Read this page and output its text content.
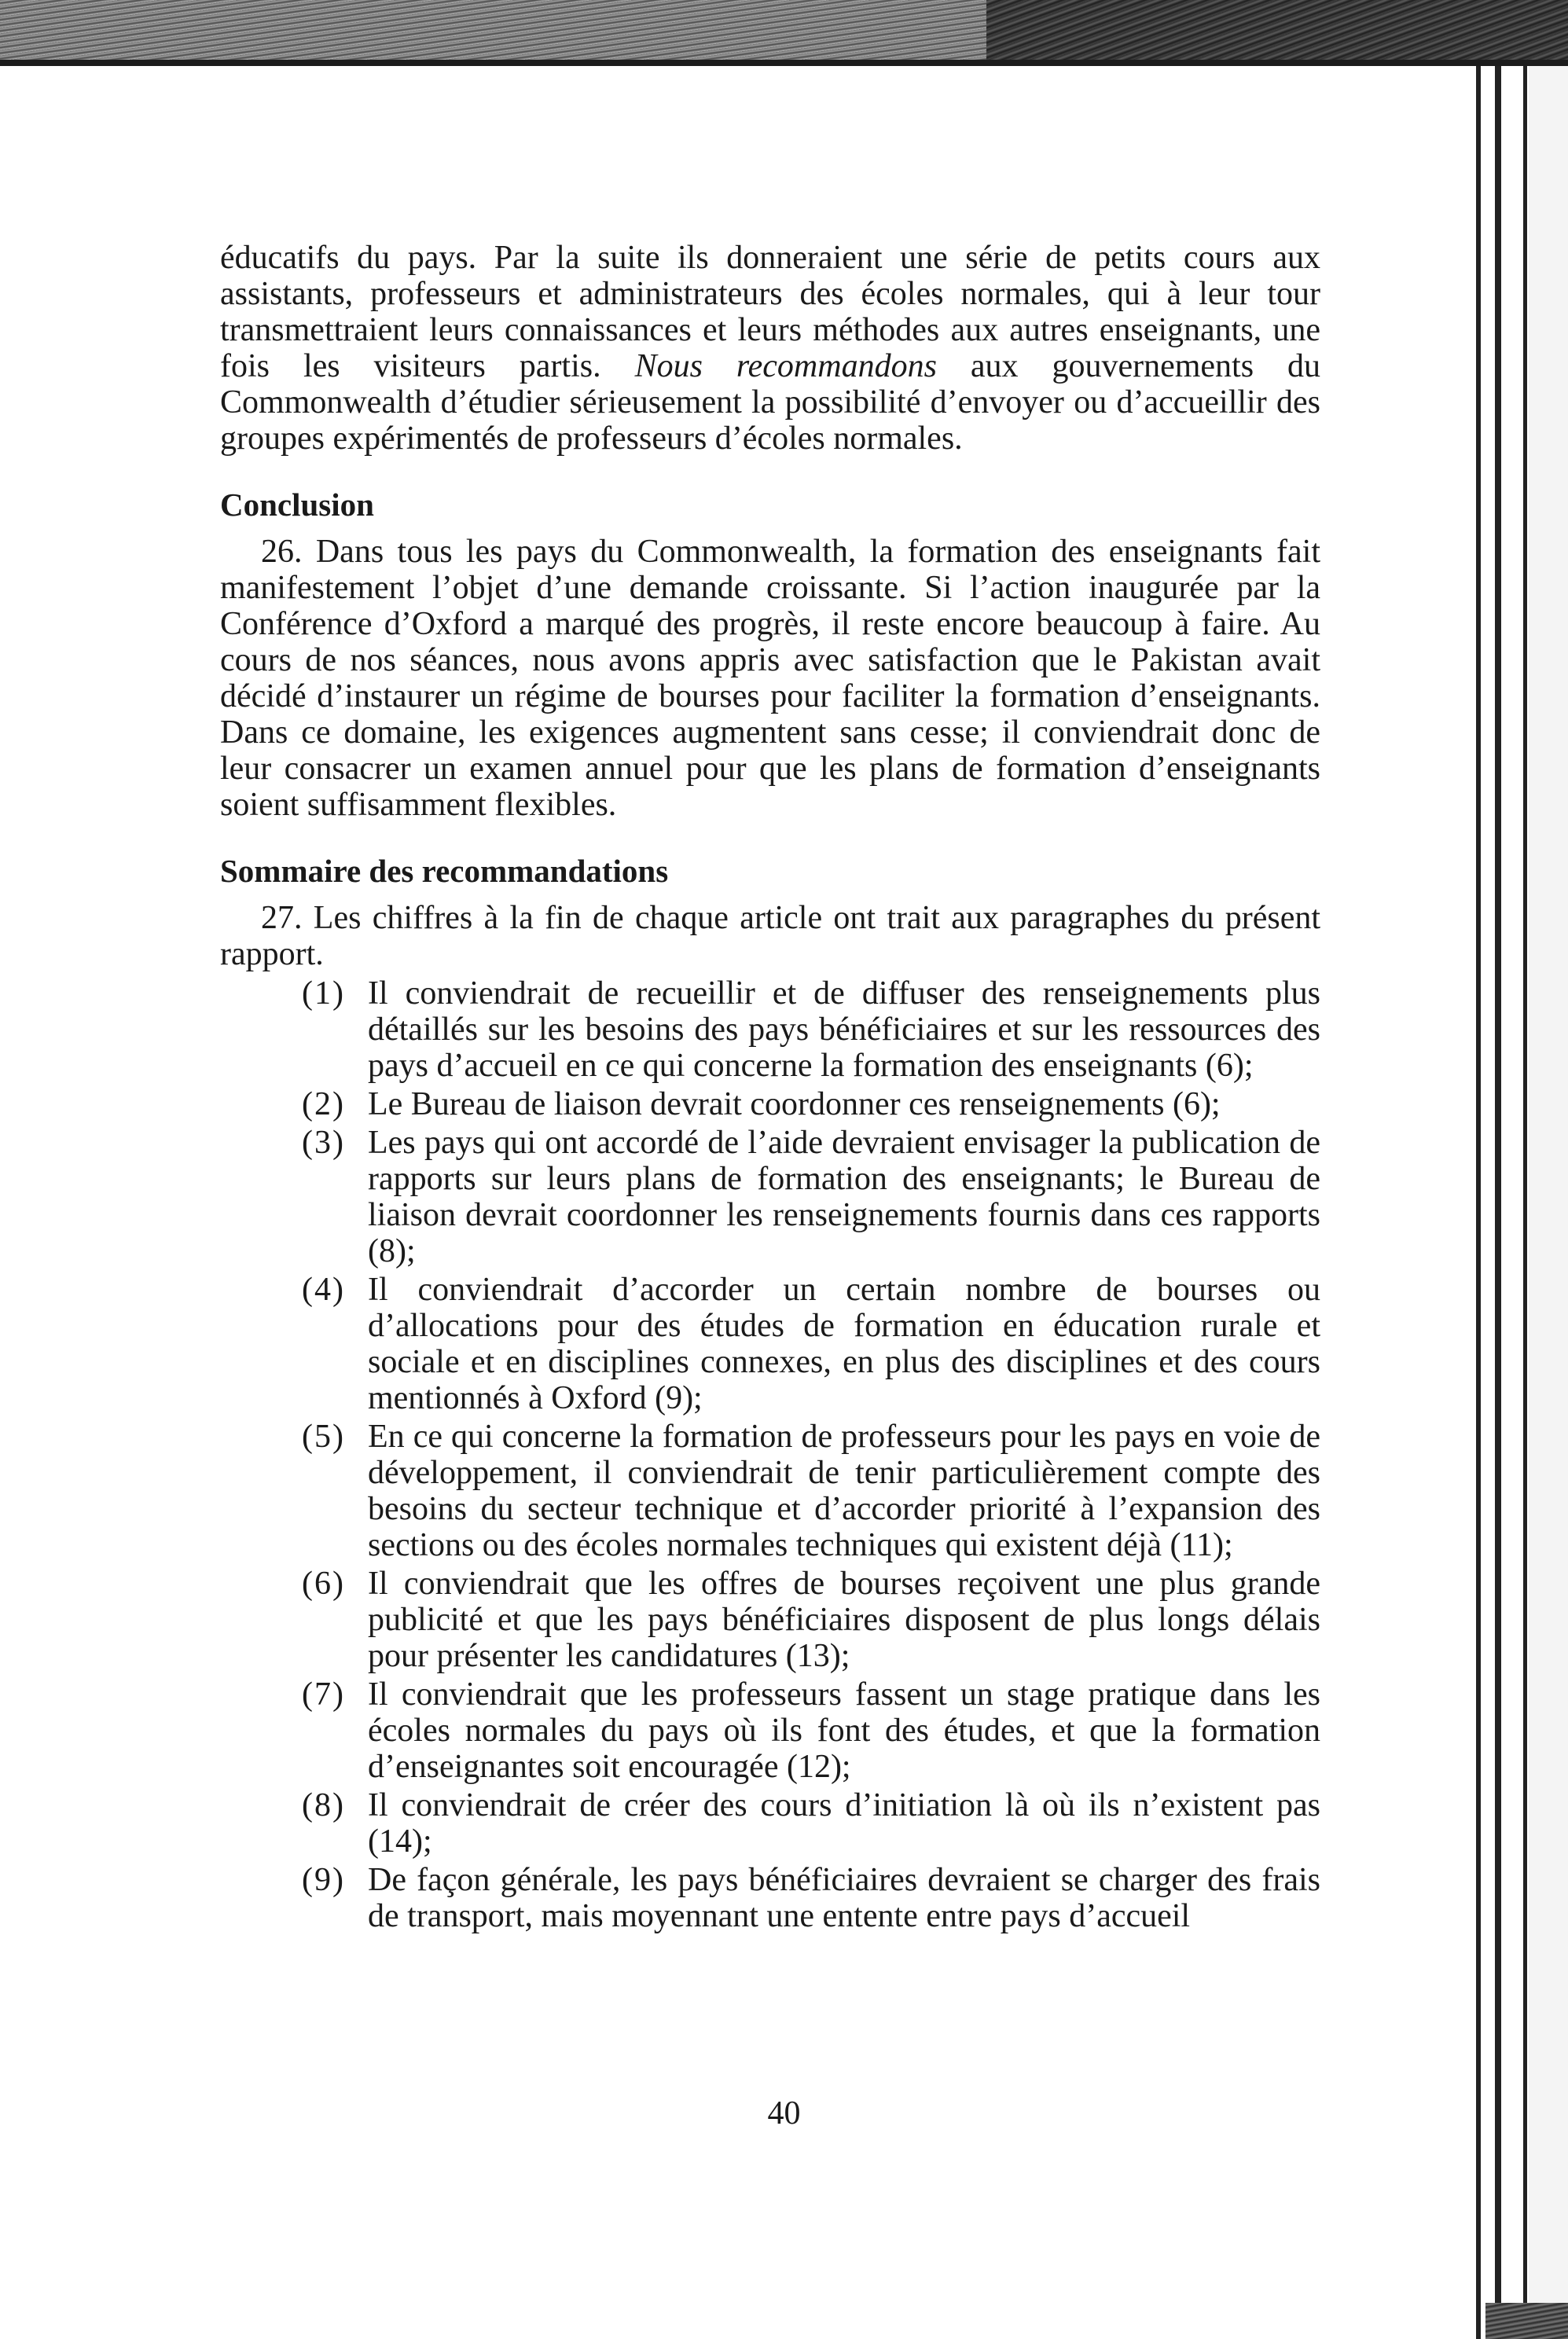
éducatifs du pays. Par la suite ils donneraient une série de petits cours aux assistants, professeurs et administrateurs des écoles normales, qui à leur tour transmettraient leurs connaissances et leurs méthodes aux autres enseignants, une fois les visiteurs partis. Nous recommandons aux gouvernements du Commonwealth d’étudier sérieusement la possibilité d’envoyer ou d’accueillir des groupes expérimentés de professeurs d’écoles normales.

Conclusion

26. Dans tous les pays du Commonwealth, la formation des enseignants fait manifestement l’objet d’une demande croissante. Si l’action inaugurée par la Conférence d’Oxford a marqué des progrès, il reste encore beaucoup à faire. Au cours de nos séances, nous avons appris avec satisfaction que le Pakistan avait décidé d’instaurer un régime de bourses pour faciliter la formation d’enseignants. Dans ce domaine, les exigences augmentent sans cesse; il conviendrait donc de leur consacrer un examen annuel pour que les plans de formation d’enseignants soient suffisamment flexibles.

Sommaire des recommandations

27. Les chiffres à la fin de chaque article ont trait aux paragraphes du présent rapport.

(1) Il conviendrait de recueillir et de diffuser des renseignements plus détaillés sur les besoins des pays bénéficiaires et sur les ressources des pays d’accueil en ce qui concerne la formation des enseignants (6);
(2) Le Bureau de liaison devrait coordonner ces renseignements (6);
(3) Les pays qui ont accordé de l’aide devraient envisager la publication de rapports sur leurs plans de formation des enseignants; le Bureau de liaison devrait coordonner les renseignements fournis dans ces rapports (8);
(4) Il conviendrait d’accorder un certain nombre de bourses ou d’allocations pour des études de formation en éducation rurale et sociale et en disciplines connexes, en plus des disciplines et des cours mentionnés à Oxford (9);
(5) En ce qui concerne la formation de professeurs pour les pays en voie de développement, il conviendrait de tenir particulièrement compte des besoins du secteur technique et d’accorder priorité à l’expansion des sections ou des écoles normales techniques qui existent déjà (11);
(6) Il conviendrait que les offres de bourses reçoivent une plus grande publicité et que les pays bénéficiaires disposent de plus longs délais pour présenter les candidatures (13);
(7) Il conviendrait que les professeurs fassent un stage pratique dans les écoles normales du pays où ils font des études, et que la formation d’enseignantes soit encouragée (12);
(8) Il conviendrait de créer des cours d’initiation là où ils n’existent pas (14);
(9) De façon générale, les pays bénéficiaires devraient se charger des frais de transport, mais moyennant une entente entre pays d’accueil
40
